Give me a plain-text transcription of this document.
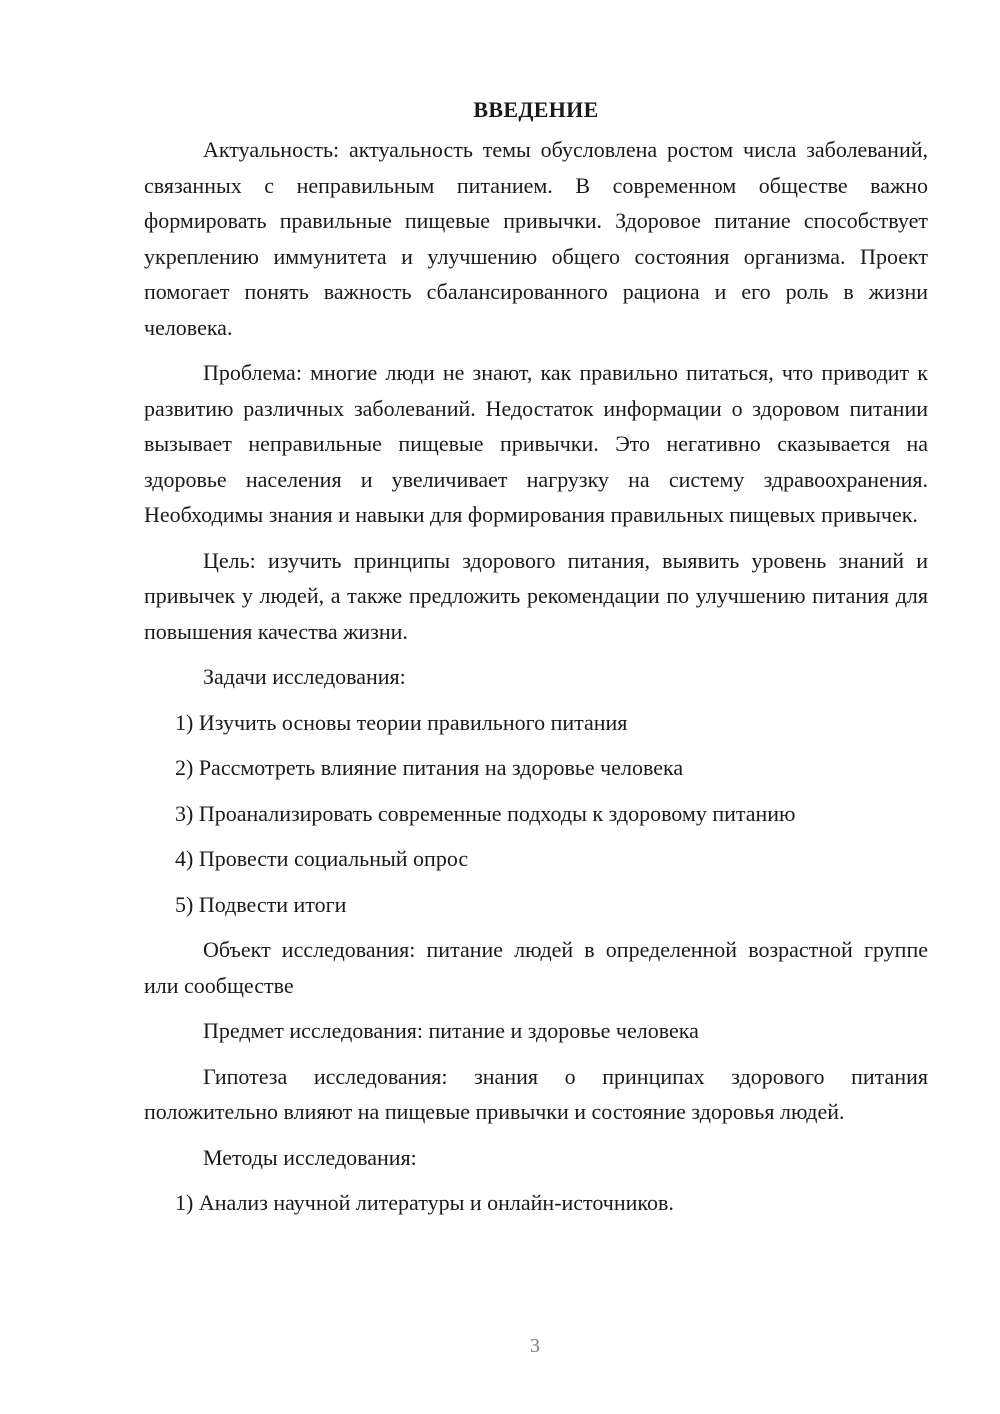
ВВЕДЕНИЕ

Актуальность: актуальность темы обусловлена ростом числа заболеваний, связанных с неправильным питанием. В современном обществе важно формировать правильные пищевые привычки. Здоровое питание способствует укреплению иммунитета и улучшению общего состояния организма. Проект помогает понять важность сбалансированного рациона и его роль в жизни человека.

Проблема: многие люди не знают, как правильно питаться, что приводит к развитию различных заболеваний. Недостаток информации о здоровом питании вызывает неправильные пищевые привычки. Это негативно сказывается на здоровье населения и увеличивает нагрузку на систему здравоохранения. Необходимы знания и навыки для формирования правильных пищевых привычек.

Цель: изучить принципы здорового питания, выявить уровень знаний и привычек у людей, а также предложить рекомендации по улучшению питания для повышения качества жизни.

Задачи исследования:
1) Изучить основы теории правильного питания
2) Рассмотреть влияние питания на здоровье человека
3) Проанализировать современные подходы к здоровому питанию
4) Провести социальный опрос
5) Подвести итоги

Объект исследования: питание людей в определенной возрастной группе или сообществе

Предмет исследования: питание и здоровье человека

Гипотеза исследования: знания о принципах здорового питания положительно влияют на пищевые привычки и состояние здоровья людей.

Методы исследования:
1) Анализ научной литературы и онлайн-источников.
3
